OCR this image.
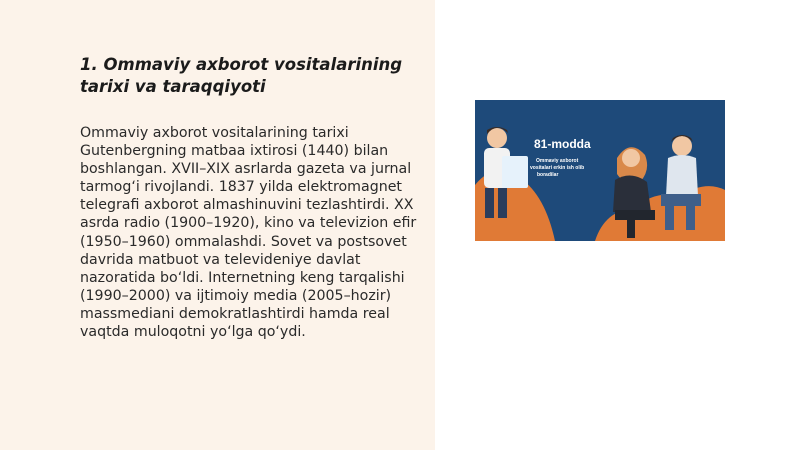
1. Ommaviy axborot vositalarining tarixi va taraqqiyoti

Ommaviy axborot vositalarining tarixi Gutenbergning matbaa ixtirosi (1440) bilan boshlangan. XVII–XIX asrlarda gazeta va jurnal tarmog‘i rivojlandi. 1837 yilda elektromagnet telegrafi axborot almashinuvini tezlashtirdi. XX asrda radio (1900–1920), kino va televizion efir (1950–1960) ommalashdi. Sovet va postsovet davrida matbuot va televideniye davlat nazoratida bo‘ldi. Internetning keng tarqalishi (1990–2000) va ijtimoiy media (2005–hozir) massmediani demokratlashtirdi hamda real vaqtda muloqotni yo‘lga qo‘ydi.

81-modda
Ommaviy axborot
vositalari erkin ish olib
boradilar
